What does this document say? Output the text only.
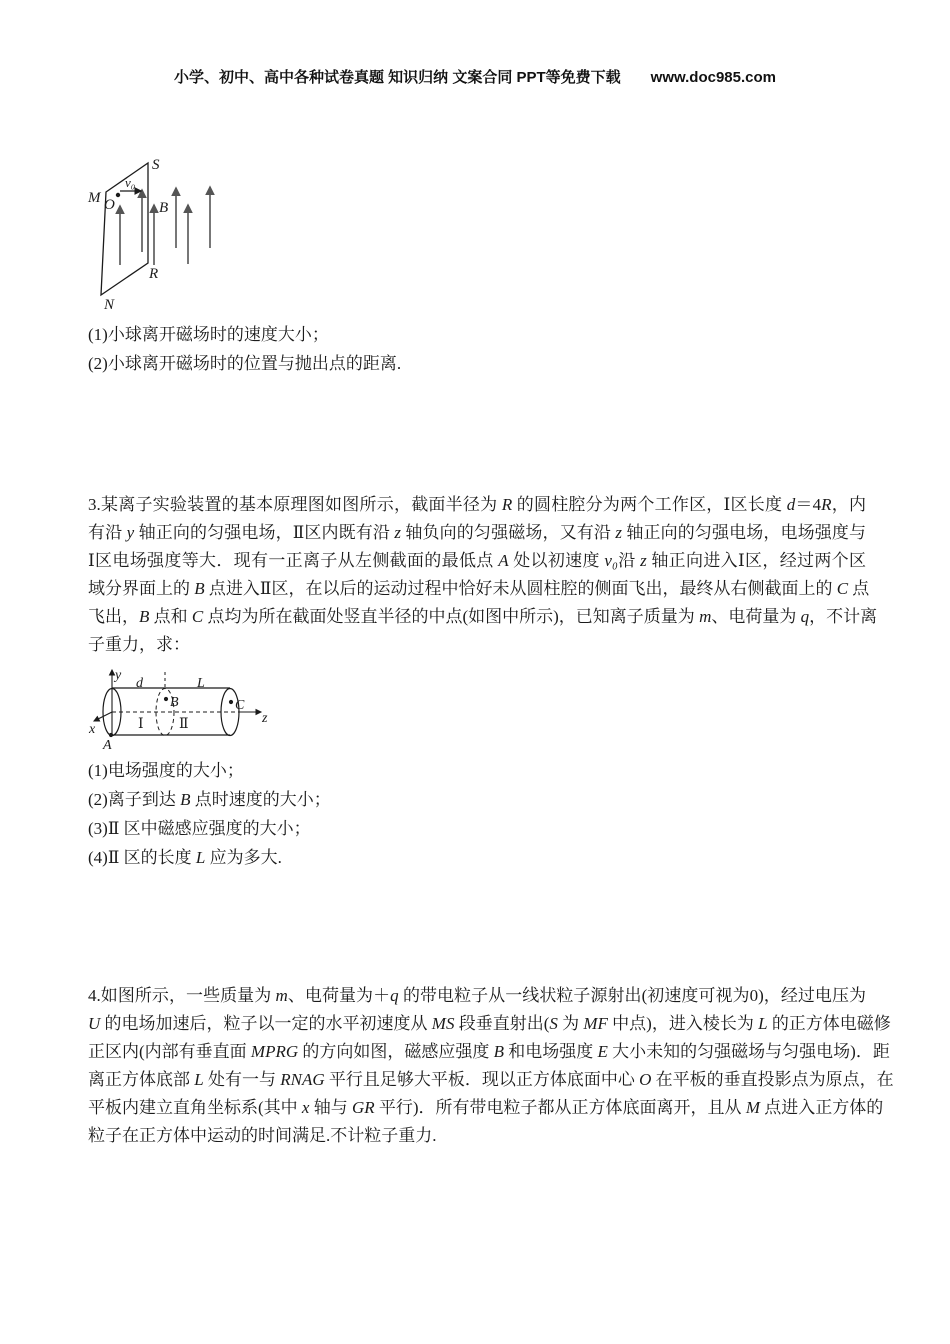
小学、初中、高中各种试卷真题 知识归纳 文案合同 PPT等免费下载 www.doc985.com
v₀
S
M O	B
R
N
(1)小球离开磁场时的速度大小；
(2)小球离开磁场时的位置与抛出点的距离.
3.某离子实验装置的基本原理图如图所示，截面半径为 R 的圆柱腔分为两个工作区，Ⅰ区长度 d＝4R，内
有沿 y 轴正向的匀强电场，Ⅱ区内既有沿 z 轴负向的匀强磁场，又有沿 z 轴正向的匀强电场，电场强度与
Ⅰ区电场强度等大．现有一正离子从左侧截面的最低点 A 处以初速度 v₀沿 z 轴正向进入Ⅰ区，经过两个区
域分界面上的 B 点进入Ⅱ区，在以后的运动过程中恰好未从圆柱腔的侧面飞出，最终从右侧截面上的 C 点
飞出，B 点和 C 点均为所在截面处竖直半径的中点(如图中所示)，已知离子质量为 m、电荷量为 q，不计离
子重力，求：
y
x
z
d	L
B	C
A
Ⅰ	Ⅱ
(1)电场强度的大小；
(2)离子到达 B 点时速度的大小；
(3)Ⅱ 区中磁感应强度的大小；
(4)Ⅱ 区的长度 L 应为多大.
4.如图所示，一些质量为 m、电荷量为＋q 的带电粒子从一线状粒子源射出(初速度可视为0)，经过电压为
U 的电场加速后，粒子以一定的水平初速度从 MS 段垂直射出(S 为 MF 中点)，进入棱长为 L 的正方体电磁修
正区内(内部有垂直面 MPRG 的方向如图，磁感应强度 B 和电场强度 E 大小未知的匀强磁场与匀强电场)．距
离正方体底部 L 处有一与 RNAG 平行且足够大平板．现以正方体底面中心 O 在平板的垂直投影点为原点，在
平板内建立直角坐标系(其中 x 轴与 GR 平行)．所有带电粒子都从正方体底面离开，且从 M 点进入正方体的
粒子在正方体中运动的时间满足.不计粒子重力.
